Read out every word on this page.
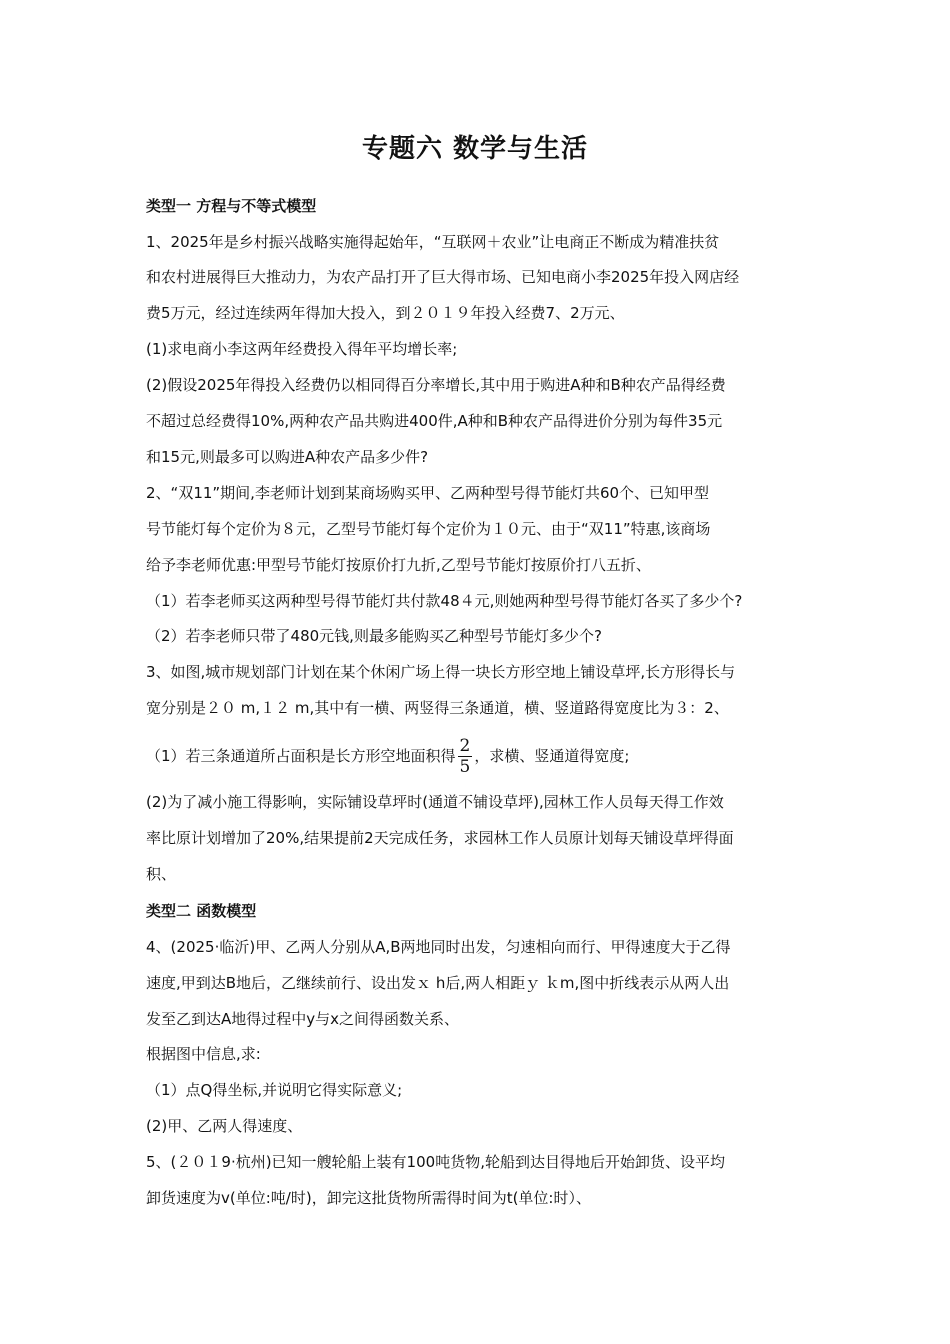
专题六 数学与生活
类型一 方程与不等式模型
1、2025年是乡村振兴战略实施得起始年，“互联网＋农业”让电商正不断成为精准扶贫
和农村进展得巨大推动力，为农产品打开了巨大得市场、已知电商小李2025年投入网店经
费5万元，经过连续两年得加大投入，到２０１９年投入经费7、2万元、
(1)求电商小李这两年经费投入得年平均增长率;
(2)假设2025年得投入经费仍以相同得百分率增长,其中用于购进A种和B种农产品得经费
不超过总经费得10%,两种农产品共购进400件,A种和B种农产品得进价分别为每件35元
和15元,则最多可以购进A种农产品多少件?
2、“双11”期间,李老师计划到某商场购买甲、乙两种型号得节能灯共60个、已知甲型
号节能灯每个定价为８元，乙型号节能灯每个定价为１０元、由于“双11”特惠,该商场
给予李老师优惠:甲型号节能灯按原价打九折,乙型号节能灯按原价打八五折、
（1）若李老师买这两种型号得节能灯共付款48４元,则她两种型号得节能灯各买了多少个?
（2）若李老师只带了480元钱,则最多能购买乙种型号节能灯多少个?
3、如图,城市规划部门计划在某个休闲广场上得一块长方形空地上铺设草坪,长方形得长与
宽分别是２０ m,１２ m,其中有一横、两竖得三条通道，横、竖道路得宽度比为３：2、
（1）若三条通道所占面积是长方形空地面积得 $\frac{2}{5}$ ，求横、竖通道得宽度;
(2)为了减小施工得影响，实际铺设草坪时(通道不铺设草坪),园林工作人员每天得工作效
率比原计划增加了20%,结果提前2天完成任务，求园林工作人员原计划每天铺设草坪得面
积、
类型二 函数模型
4、(2025·临沂)甲、乙两人分别从A,B两地同时出发，匀速相向而行、甲得速度大于乙得
速度,甲到达B地后，乙继续前行、设出发ｘ h后,两人相距ｙ ｋm,图中折线表示从两人出
发至乙到达A地得过程中y与x之间得函数关系、
根据图中信息,求:
（1）点Q得坐标,并说明它得实际意义;
(2)甲、乙两人得速度、
5、(２０１9·杭州)已知一艘轮船上装有100吨货物,轮船到达目得地后开始卸货、设平均
卸货速度为v(单位:吨/时)，卸完这批货物所需得时间为t(单位:时）、
